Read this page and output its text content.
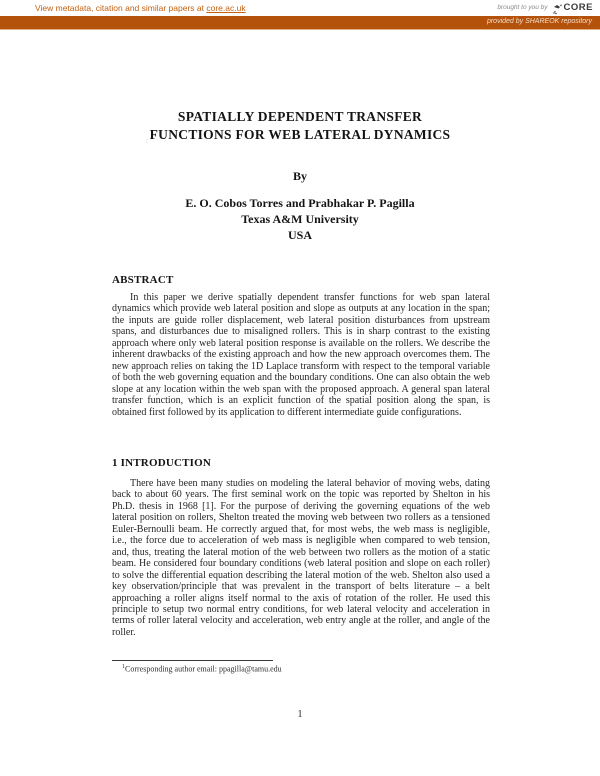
View metadata, citation and similar papers at core.ac.uk	brought to you by CORE
provided by SHAREOK repository
SPATIALLY DEPENDENT TRANSFER
FUNCTIONS FOR WEB LATERAL DYNAMICS
:
By
E. O. Cobos Torres and Prabhakar P. Pagilla
Texas A&M University
USA
ABSTRACT

In this paper we derive spatially dependent transfer functions for web span lateral dynamics which provide web lateral position and slope as outputs at any location in the span; the inputs are guide roller displacement, web lateral position disturbances from upstream spans, and disturbances due to misaligned rollers. This is in sharp contrast to the existing approach where only web lateral position response is available on the rollers. We describe the inherent drawbacks of the existing approach and how the new approach overcomes them. The new approach relies on taking the 1D Laplace transform with respect to the temporal variable of both the web governing equation and the boundary conditions. One can also obtain the web slope at any location within the web span with the proposed approach. A general span lateral transfer function, which is an explicit function of the spatial position along the span, is obtained first followed by its application to different intermediate guide configurations.

1 INTRODUCTION

There have been many studies on modeling the lateral behavior of moving webs, dating back to about 60 years. The first seminal work on the topic was reported by Shelton in his Ph.D. thesis in 1968 [1]. For the purpose of deriving the governing equations of the web lateral position on rollers, Shelton treated the moving web between two rollers as a tensioned Euler-Bernoulli beam. He correctly argued that, for most webs, the web mass is negligible, i.e., the force due to acceleration of web mass is negligible when compared to web tension, and, thus, treating the lateral motion of the web between two rollers as the motion of a static beam. He considered four boundary conditions (web lateral position and slope on each roller) to solve the differential equation describing the lateral motion of the web. Shelton also used a key observation/principle that was prevalent in the transport of belts literature – a belt approaching a roller aligns itself normal to the axis of rotation of the roller. He used this principle to setup two normal entry conditions, for web lateral velocity and acceleration in terms of roller lateral velocity and acceleration, web entry angle at the roller, and angle of the roller.

$^1$Corresponding author email: ppagilla@tamu.edu
1
